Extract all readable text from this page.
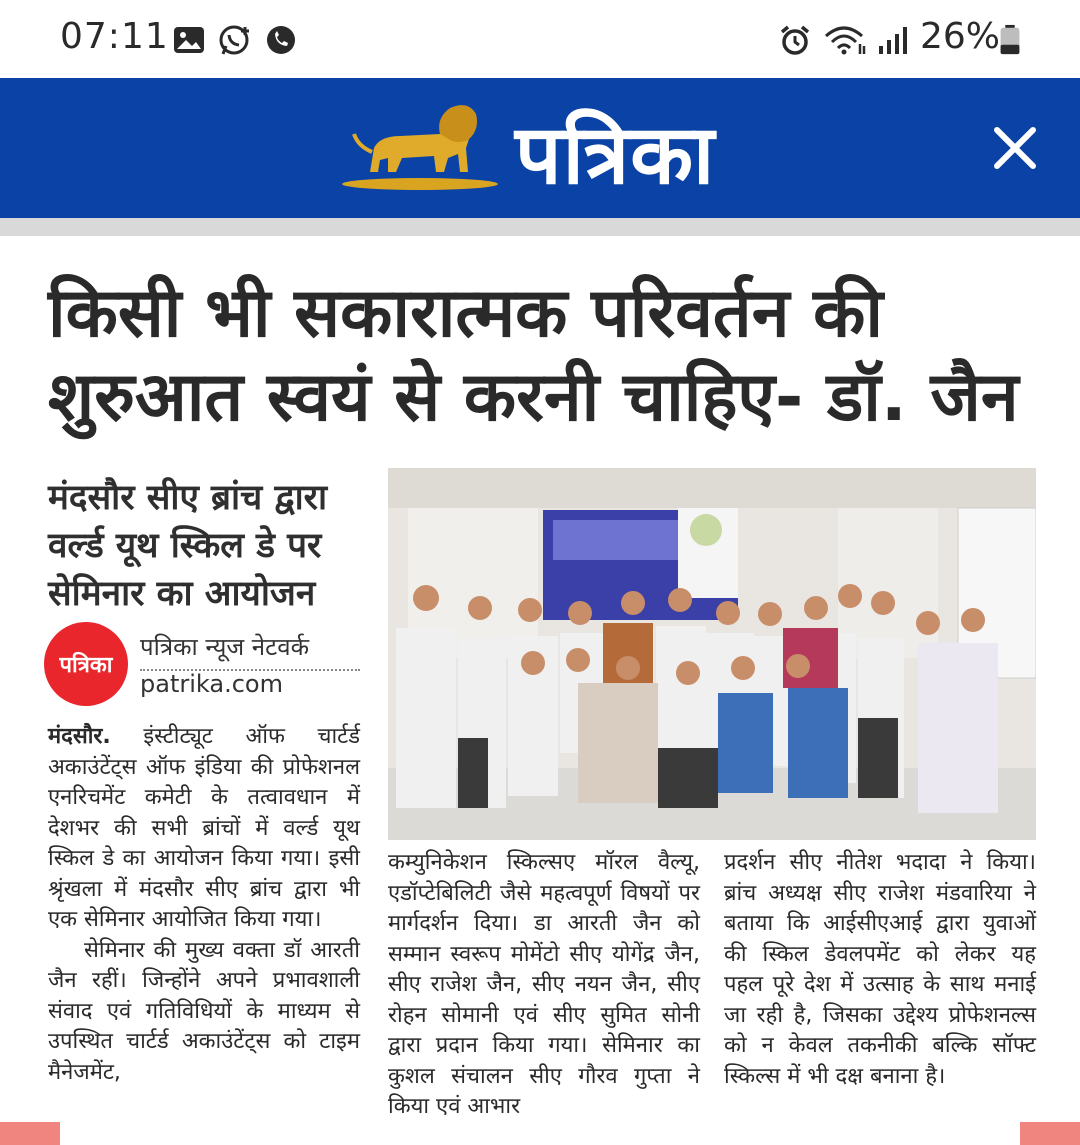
07:11	26%
पत्रिका
किसी भी सकारात्मक परिवर्तन की शुरुआत स्वयं से करनी चाहिए- डॉ. जैन
मंदसौर सीए ब्रांच द्वारा वर्ल्ड यूथ स्किल डे पर सेमिनार का आयोजन
पत्रिका
पत्रिका न्यूज नेटवर्क
patrika.com

मंदसौर. इंस्टीट्यूट ऑफ चार्टर्ड अकाउंटेंट्स ऑफ इंडिया की प्रोफेशनल एनरिचमेंट कमेटी के तत्वावधान में देशभर की सभी ब्रांचों में वर्ल्ड यूथ स्किल डे का आयोजन किया गया। इसी श्रृंखला में मंदसौर सीए ब्रांच द्वारा भी एक सेमिनार आयोजित किया गया।

सेमिनार की मुख्य वक्ता डॉ आरती जैन रहीं। जिन्होंने अपने प्रभावशाली संवाद एवं गतिविधियों के माध्यम से उपस्थित चार्टर्ड अकाउंटेंट्स को टाइम मैनेजमेंट,

कम्युनिकेशन स्किल्सए मॉरल वैल्यू, एडॉप्टेबिलिटी जैसे महत्वपूर्ण विषयों पर मार्गदर्शन दिया। डा आरती जैन को सम्मान स्वरूप मोमेंटो सीए योगेंद्र जैन, सीए राजेश जैन, सीए नयन जैन, सीए रोहन सोमानी एवं सीए सुमित सोनी द्वारा प्रदान किया गया। सेमिनार का कुशल संचालन सीए गौरव गुप्ता ने किया एवं आभार

प्रदर्शन सीए नीतेश भदादा ने किया। ब्रांच अध्यक्ष सीए राजेश मंडवारिया ने बताया कि आईसीएआई द्वारा युवाओं की स्किल डेवलपमेंट को लेकर यह पहल पूरे देश में उत्साह के साथ मनाई जा रही है, जिसका उद्देश्य प्रोफेशनल्स को न केवल तकनीकी बल्कि सॉफ्ट स्किल्स में भी दक्ष बनाना है।
